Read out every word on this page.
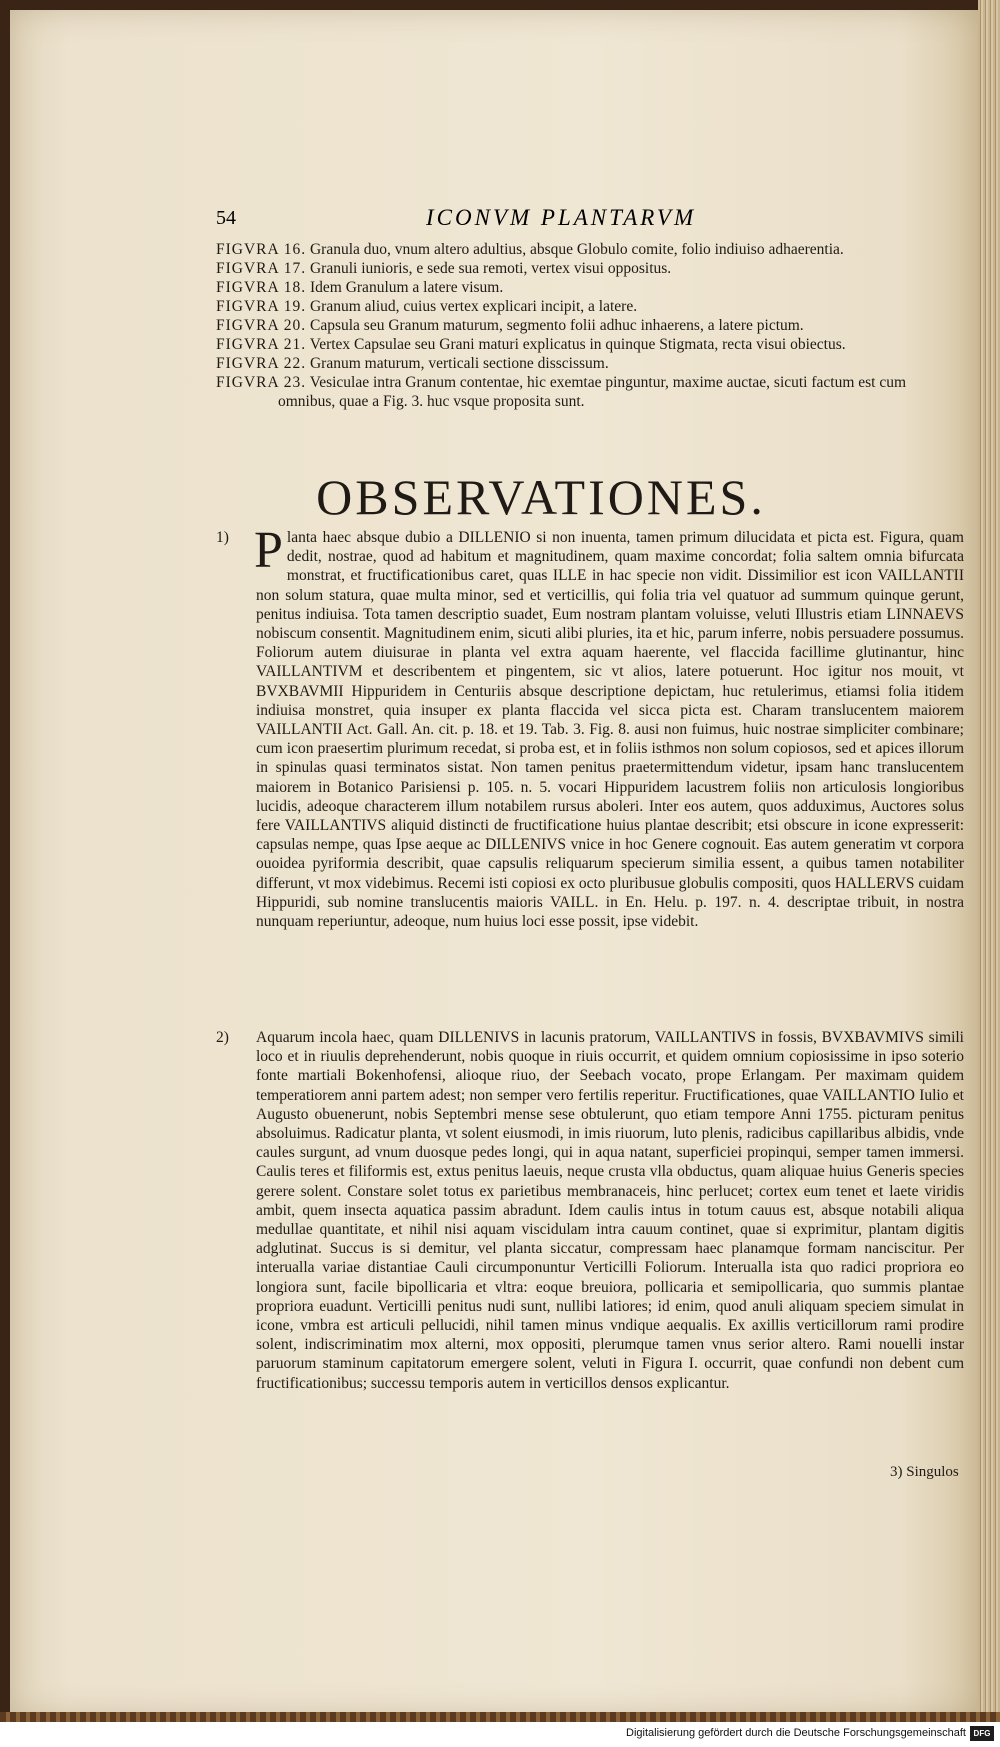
54	ICONVM PLANTARVM

FIGVRA 16. Granula duo, vnum altero adultius, absque Globulo comite, folio indiuiso adhaerentia.

FIGVRA 17. Granuli iunioris, e sede sua remoti, vertex visui oppositus.

FIGVRA 18. Idem Granulum a latere visum.

FIGVRA 19. Granum aliud, cuius vertex explicari incipit, a latere.

FIGVRA 20. Capsula seu Granum maturum, segmento folii adhuc inhaerens, a latere pictum.

FIGVRA 21. Vertex Capsulae seu Grani maturi explicatus in quinque Stigmata, recta visui obiectus.

FIGVRA 22. Granum maturum, verticali sectione disscissum.

FIGVRA 23. Vesiculae intra Granum contentae, hic exemtae pinguntur, maxime auctae, sicuti factum est cum omnibus, quae a Fig. 3. huc vsque proposita sunt.

OBSERVATIONES.
1) Planta haec absque dubio a DILLENIO si non inuenta, tamen primum dilucidata et picta est. Figura, quam dedit, nostrae, quod ad habitum et magnitudinem, quam maxime concordat; folia saltem omnia bifurcata monstrat, et fructificationibus caret, quas ILLE in hac specie non vidit. Dissimilior est icon VAILLANTII non solum statura, quae multa minor, sed et verticillis, qui folia tria vel quatuor ad summum quinque gerunt, penitus indiuisa. Tota tamen descriptio suadet, Eum nostram plantam voluisse, veluti Illustris etiam LINNAEVS nobiscum consentit. Magnitudinem enim, sicuti alibi pluries, ita et hic, parum inferre, nobis persuadere possumus. Foliorum autem diuisurae in planta vel extra aquam haerente, vel flaccida facillime glutinantur, hinc VAILLANTIVM et describentem et pingentem, sic vt alios, latere potuerunt. Hoc igitur nos mouit, vt BVXBAVMII Hippuridem in Centuriis absque descriptione depictam, huc retulerimus, etiamsi folia itidem indiuisa monstret, quia insuper ex planta flaccida vel sicca picta est. Charam translucentem maiorem VAILLANTII Act. Gall. An. cit. p. 18. et 19. Tab. 3. Fig. 8. ausi non fuimus, huic nostrae simpliciter combinare; cum icon praesertim plurimum recedat, si proba est, et in foliis isthmos non solum copiosos, sed et apices illorum in spinulas quasi terminatos sistat. Non tamen penitus praetermittendum videtur, ipsam hanc translucentem maiorem in Botanico Parisiensi p. 105. n. 5. vocari Hippuridem lacustrem foliis non articulosis longioribus lucidis, adeoque characterem illum notabilem rursus aboleri. Inter eos autem, quos adduximus, Auctores solus fere VAILLANTIVS aliquid distincti de fructificatione huius plantae describit; etsi obscure in icone expresserit: capsulas nempe, quas Ipse aeque ac DILLENIVS vnice in hoc Genere cognouit. Eas autem generatim vt corpora ouoidea pyriformia describit, quae capsulis reliquarum specierum similia essent, a quibus tamen notabiliter differunt, vt mox videbimus. Recemi isti copiosi ex octo pluribusue globulis compositi, quos HALLERVS cuidam Hippuridi, sub nomine translucentis maioris VAILL. in En. Helu. p. 197. n. 4. descriptae tribuit, in nostra nunquam reperiuntur, adeoque, num huius loci esse possit, ipse videbit.
2) Aquarum incola haec, quam DILLENIVS in lacunis pratorum, VAILLANTIVS in fossis, BVXBAVMIVS simili loco et in riuulis deprehenderunt, nobis quoque in riuis occurrit, et quidem omnium copiosissime in ipso soterio fonte martiali Bokenhofensi, alioque riuo, der Seebach vocato, prope Erlangam. Per maximam quidem temperatiorem anni partem adest; non semper vero fertilis reperitur. Fructificationes, quae VAILLANTIO Iulio et Augusto obuenerunt, nobis Septembri mense sese obtulerunt, quo etiam tempore Anni 1755. picturam penitus absoluimus. Radicatur planta, vt solent eiusmodi, in imis riuorum, luto plenis, radicibus capillaribus albidis, vnde caules surgunt, ad vnum duosque pedes longi, qui in aqua natant, superficiei propinqui, semper tamen immersi. Caulis teres et filiformis est, extus penitus laeuis, neque crusta vlla obductus, quam aliquae huius Generis species gerere solent. Constare solet totus ex parietibus membranaceis, hinc perlucet; cortex eum tenet et laete viridis ambit, quem insecta aquatica passim abradunt. Idem caulis intus in totum cauus est, absque notabili aliqua medullae quantitate, et nihil nisi aquam viscidulam intra cauum continet, quae si exprimitur, plantam digitis adglutinat. Succus is si demitur, vel planta siccatur, compressam haec planamque formam nanciscitur. Per interualla variae distantiae Cauli circumponuntur Verticilli Foliorum. Interualla ista quo radici propriora eo longiora sunt, facile bipollicaria et vltra: eoque breuiora, pollicaria et semipollicaria, quo summis plantae propriora euadunt. Verticilli penitus nudi sunt, nullibi latiores; id enim, quod anuli aliquam speciem simulat in icone, vmbra est articuli pellucidi, nihil tamen minus vndique aequalis. Ex axillis verticillorum rami prodire solent, indiscriminatim mox alterni, mox oppositi, plerumque tamen vnus serior altero. Rami nouelli instar paruorum staminum capitatorum emergere solent, veluti in Figura I. occurrit, quae confundi non debent cum fructificationibus; successu temporis autem in verticillos densos explicantur.
3) Singulos
Digitalisierung gefördert durch die Deutsche Forschungsgemeinschaft DFG
